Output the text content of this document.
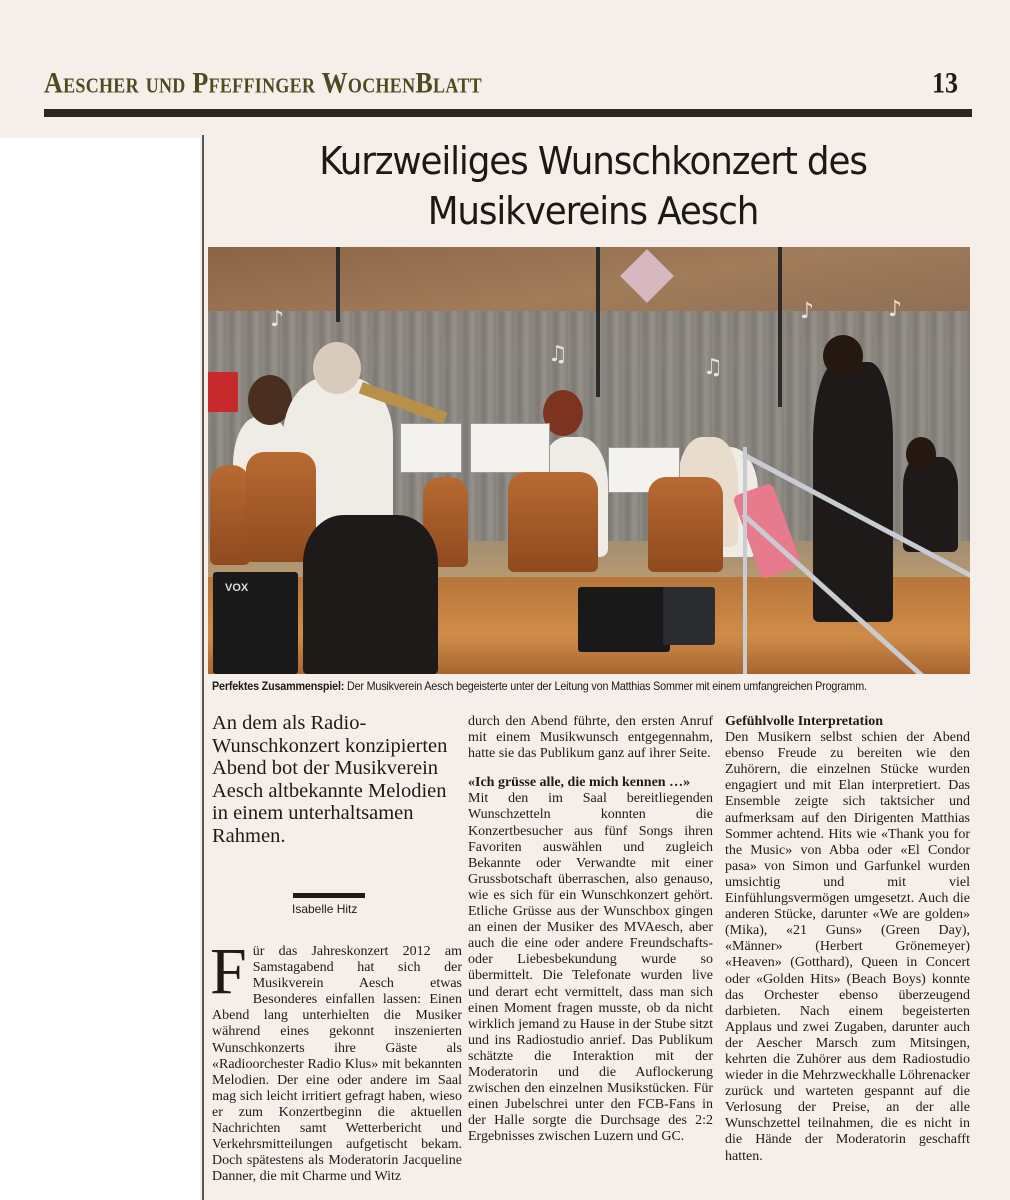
Aescher und Pfeffinger WochenBlatt	13
Kurzweiliges Wunschkonzert des
Musikvereins Aesch
♪
♫
♪	♪
♫
VOX
Perfektes Zusammenspiel: Der Musikverein Aesch begeisterte unter der Leitung von Matthias Sommer mit einem umfangreichen Programm.
An dem als Radio-Wunschkonzert konzipierten Abend bot der Musikverein Aesch altbekannte Melodien in einem unterhaltsamen Rahmen.
Isabelle Hitz
F ür das Jahreskonzert 2012 am Samstagabend hat sich der Musikverein Aesch etwas Besonderes einfallen lassen: Einen Abend lang unterhielten die Musiker während eines gekonnt inszenierten Wunschkonzerts ihre Gäste als «Radioorchester Radio Klus» mit bekannten Melodien. Der eine oder andere im Saal mag sich leicht irritiert gefragt haben, wieso er zum Konzertbeginn die aktuellen Nachrichten samt Wetterbericht und Verkehrsmitteilungen aufgetischt bekam. Doch spätestens als Moderatorin Jacqueline Danner, die mit Charme und Witz

durch den Abend führte, den ersten Anruf mit einem Musikwunsch entgegennahm, hatte sie das Publikum ganz auf ihrer Seite.

«Ich grüsse alle, die mich kennen …»

Mit den im Saal bereitliegenden Wunschzetteln konnten die Konzertbesucher aus fünf Songs ihren Favoriten auswählen und zugleich Bekannte oder Verwandte mit einer Grussbotschaft überraschen, also genauso, wie es sich für ein Wunschkonzert gehört. Etliche Grüsse aus der Wunschbox gingen an einen der Musiker des MVAesch, aber auch die eine oder andere Freundschafts- oder Liebesbekundung wurde so übermittelt. Die Telefonate wurden live und derart echt vermittelt, dass man sich einen Moment fragen musste, ob da nicht wirklich jemand zu Hause in der Stube sitzt und ins Radiostudio anrief. Das Publikum schätzte die Interaktion mit der Moderatorin und die Auflockerung zwischen den einzelnen Musikstücken. Für einen Jubelschrei unter den FCB-Fans in der Halle sorgte die Durchsage des 2:2 Ergebnisses zwischen Luzern und GC.

Gefühlvolle Interpretation

Den Musikern selbst schien der Abend ebenso Freude zu bereiten wie den Zuhörern, die einzelnen Stücke wurden engagiert und mit Elan interpretiert. Das Ensemble zeigte sich taktsicher und aufmerksam auf den Dirigenten Matthias Sommer achtend. Hits wie «Thank you for the Music» von Abba oder «El Condor pasa» von Simon und Garfunkel wurden umsichtig und mit viel Einfühlungsvermögen umgesetzt. Auch die anderen Stücke, darunter «We are golden» (Mika), «21 Guns» (Green Day), «Männer» (Herbert Grönemeyer) «Heaven» (Gotthard), Queen in Concert oder «Golden Hits» (Beach Boys) konnte das Orchester ebenso überzeugend darbieten. Nach einem begeisterten Applaus und zwei Zugaben, darunter auch der Aescher Marsch zum Mitsingen, kehrten die Zuhörer aus dem Radiostudio wieder in die Mehrzweckhalle Löhrenacker zurück und warteten gespannt auf die Verlosung der Preise, an der alle Wunschzettel teilnahmen, die es nicht in die Hände der Moderatorin geschafft hatten.
